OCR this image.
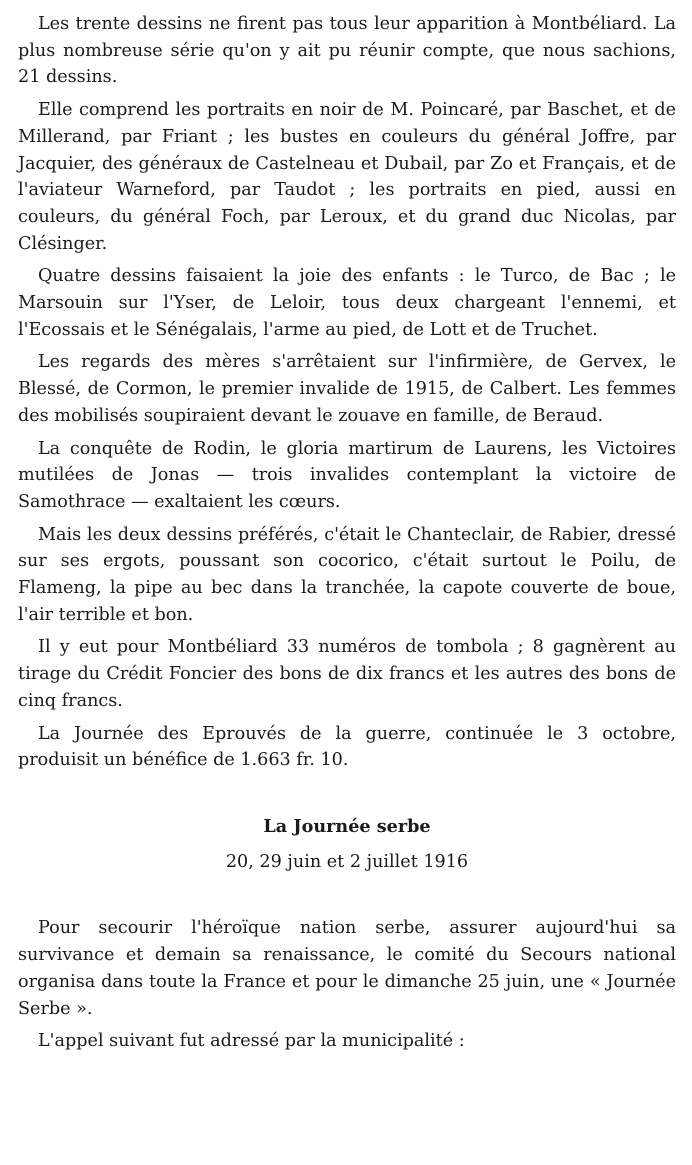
Les trente dessins ne firent pas tous leur apparition à Montbéliard. La plus nombreuse série qu'on y ait pu réunir compte, que nous sachions, 21 dessins.

Elle comprend les portraits en noir de M. Poincaré, par Baschet, et de Millerand, par Friant ; les bustes en couleurs du général Joffre, par Jacquier, des généraux de Castelneau et Dubail, par Zo et Français, et de l'aviateur Warneford, par Taudot ; les portraits en pied, aussi en couleurs, du général Foch, par Leroux, et du grand duc Nicolas, par Clésinger.

Quatre dessins faisaient la joie des enfants : le Turco, de Bac ; le Marsouin sur l'Yser, de Leloir, tous deux chargeant l'ennemi, et l'Ecossais et le Sénégalais, l'arme au pied, de Lott et de Truchet.

Les regards des mères s'arrêtaient sur l'infirmière, de Gervex, le Blessé, de Cormon, le premier invalide de 1915, de Calbert. Les femmes des mobilisés soupiraient devant le zouave en famille, de Beraud.

La conquête de Rodin, le gloria martirum de Laurens, les Victoires mutilées de Jonas — trois invalides contemplant la victoire de Samothrace — exaltaient les cœurs.

Mais les deux dessins préférés, c'était le Chanteclair, de Rabier, dressé sur ses ergots, poussant son cocorico, c'était surtout le Poilu, de Flameng, la pipe au bec dans la tranchée, la capote couverte de boue, l'air terrible et bon.

Il y eut pour Montbéliard 33 numéros de tombola ; 8 gagnèrent au tirage du Crédit Foncier des bons de dix francs et les autres des bons de cinq francs.

La Journée des Eprouvés de la guerre, continuée le 3 octobre, produisit un bénéfice de 1.663 fr. 10.

La Journée serbe

20, 29 juin et 2 juillet 1916

Pour secourir l'héroïque nation serbe, assurer aujourd'hui sa survivance et demain sa renaissance, le comité du Secours national organisa dans toute la France et pour le dimanche 25 juin, une « Journée Serbe ».

L'appel suivant fut adressé par la municipalité :
